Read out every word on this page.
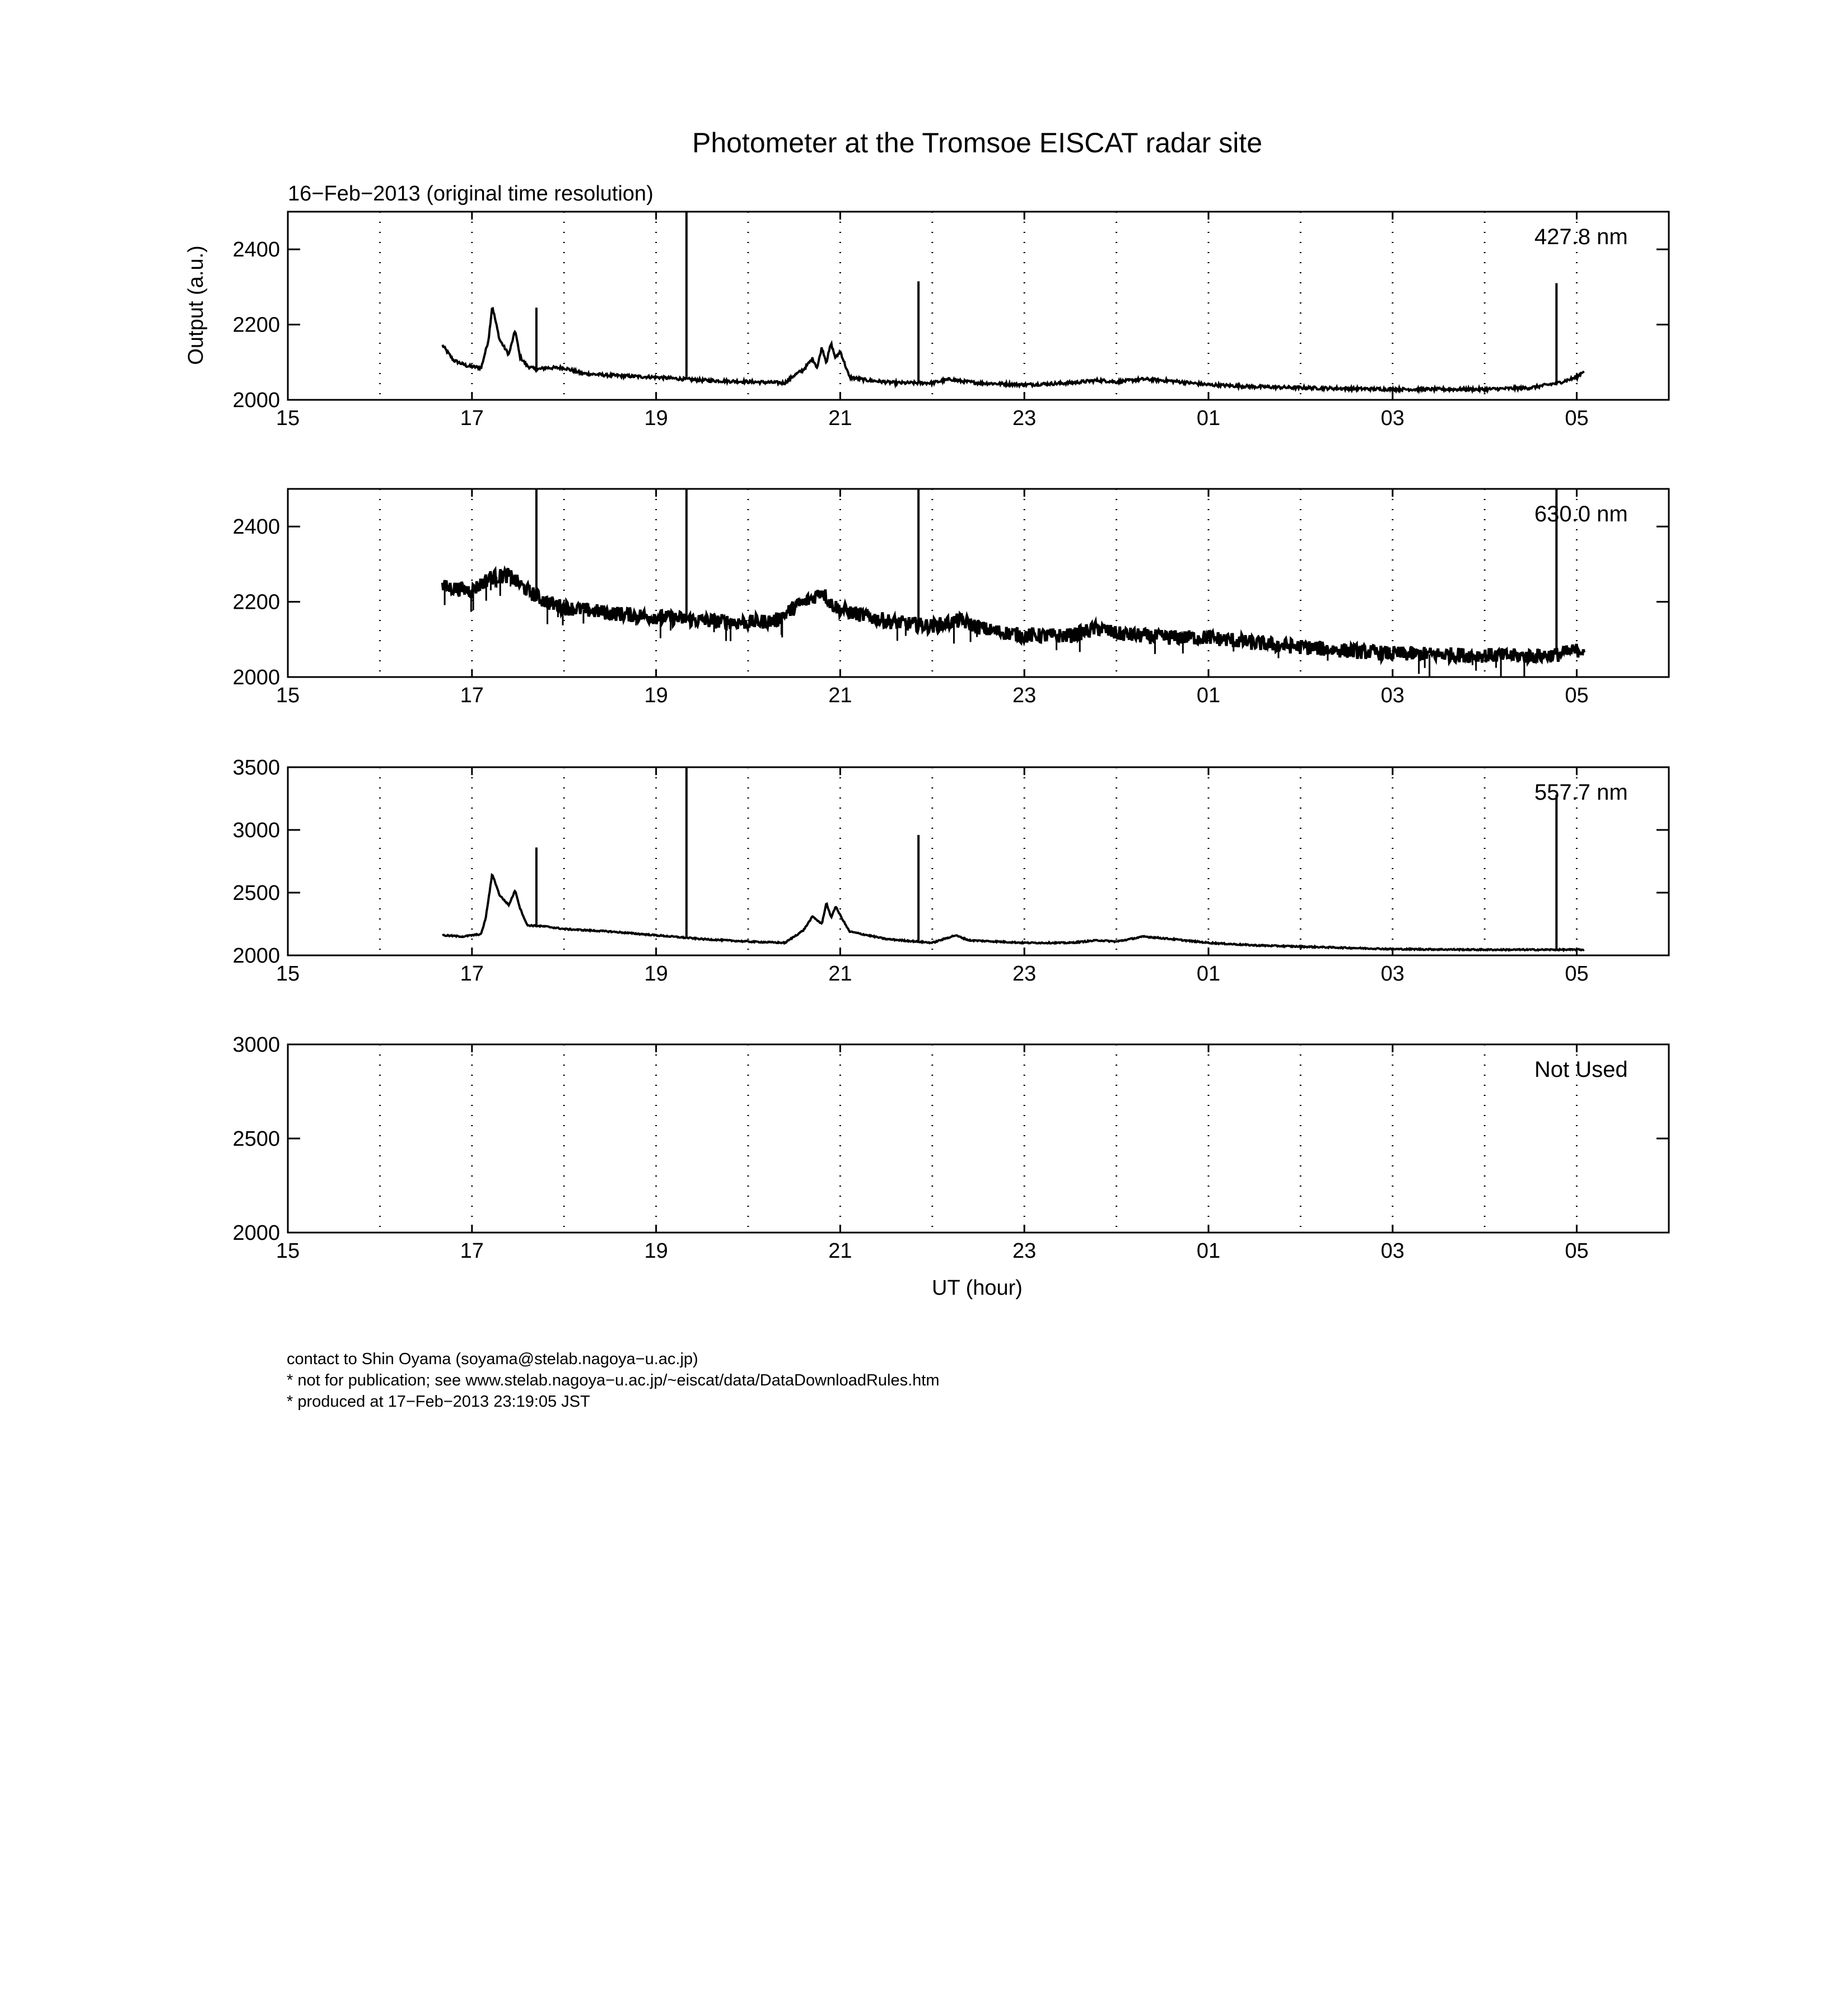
Photometer at the Tromsoe EISCAT radar site
16−Feb−2013 (original time resolution)
Output (a.u.)
UT (hour)
15	17	19	21	23	01	03	05
2000
2200
2400
427.8 nm
15	17	19	21	23	01	03	05
2000
2200
2400
630.0 nm
15	17	19	21	23	01	03	05
2000
2500
3000
3500
557.7 nm
15	17	19	21	23	01	03	05
2000
2500
3000
Not Used
contact to Shin Oyama (soyama@stelab.nagoya−u.ac.jp)
* not for publication; see www.stelab.nagoya−u.ac.jp/~eiscat/data/DataDownloadRules.htm
* produced at 17−Feb−2013 23:19:05 JST
